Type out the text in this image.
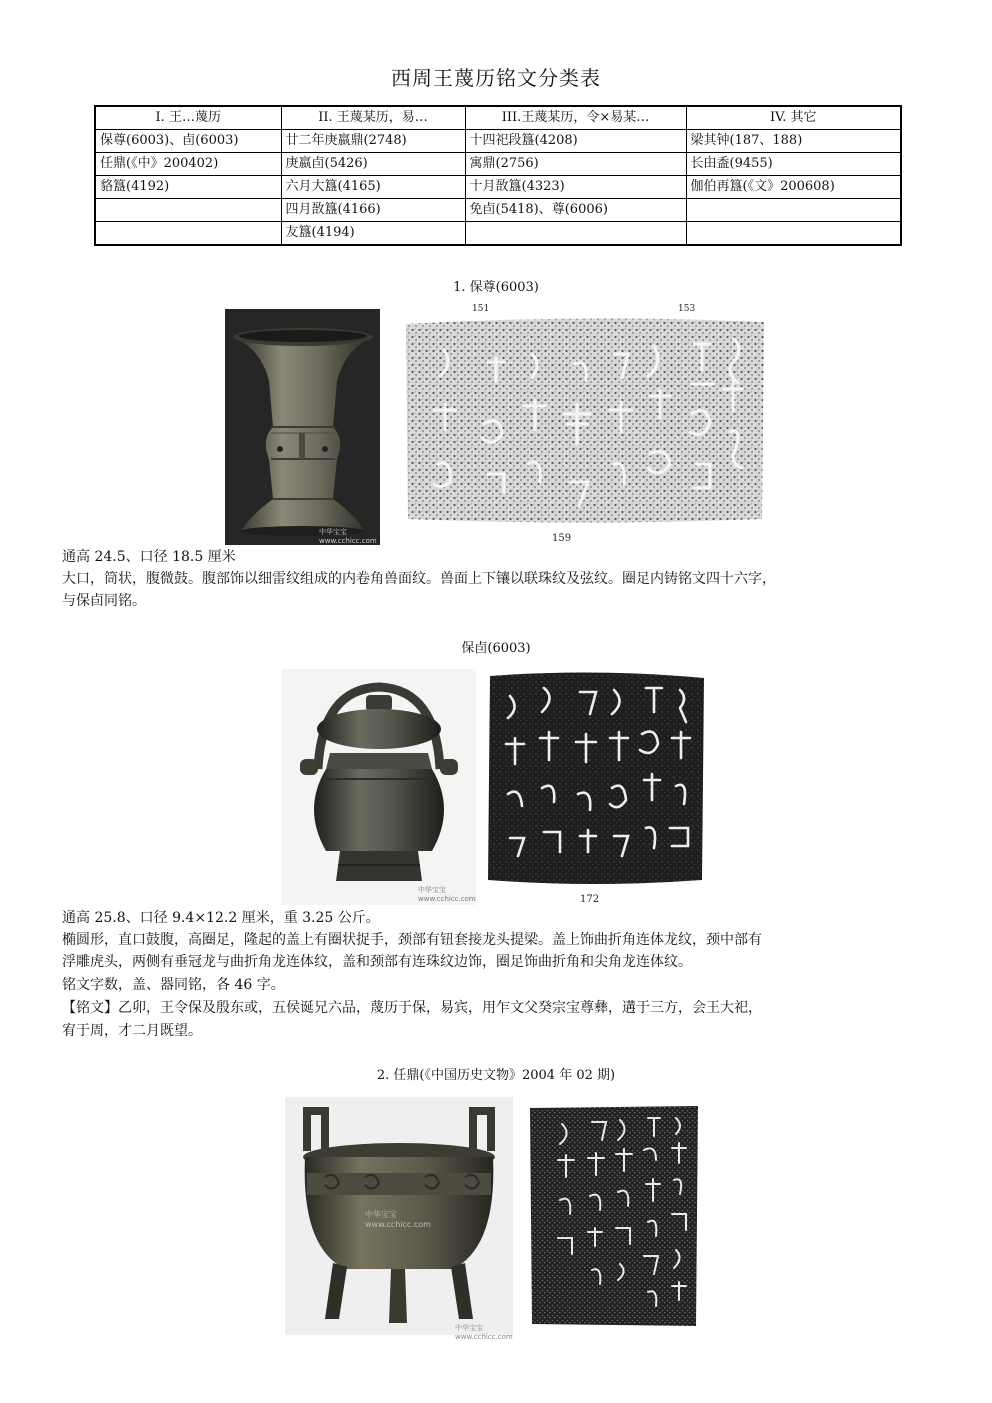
西周王蔑历铭文分类表
I. 王…蔑历	II. 王蔑某历，易…	III.王蔑某历，令×易某…	IV. 其它
保尊(6003)、卣(6003)	廿二年庚嬴鼎(2748)	十四祀段簋(4208)	梁其钟(187、188)
任鼎(《中》200402)	庚嬴卣(5426)	寓鼎(2756)	长甶盉(9455)
貉簋(4192)	六月大簋(4165)	十月敔簋(4323)	伽伯再簋(《文》200608)
	四月敔簋(4166)	免卣(5418)、尊(6006)	
	友簋(4194)		
1. 保尊(6003)
中华宝宝 www.cchicc.com
151	153
159
通高 24.5、口径 18.5 厘米
大口，筒状，腹微鼓。腹部饰以细雷纹组成的内卷角兽面纹。兽面上下镶以联珠纹及弦纹。圈足内铸铭文四十六字，
与保卣同铭。
保卣(6003)
中华宝宝 www.cchicc.com	172
通高 25.8、口径 9.4×12.2 厘米，重 3.25 公斤。
椭圆形，直口鼓腹，高圈足，隆起的盖上有圈状捉手，颈部有钮套接龙头提梁。盖上饰曲折角连体龙纹，颈中部有
浮雕虎头，两侧有垂冠龙与曲折角龙连体纹，盖和颈部有连珠纹边饰，圈足饰曲折角和尖角龙连体纹。
铭文字数，盖、器同铭，各 46 字。
【铭文】乙卯，王令保及殷东或，五侯诞兄六品，蔑历于保，易宾，用乍文父癸宗宝尊彝，遘于三方，会王大祀，
宥于周，才二月既望。
2. 任鼎(《中国历史文物》2004 年 02 期)
中华宝宝 www.cchicc.com
中华宝宝 www.cchicc.com
